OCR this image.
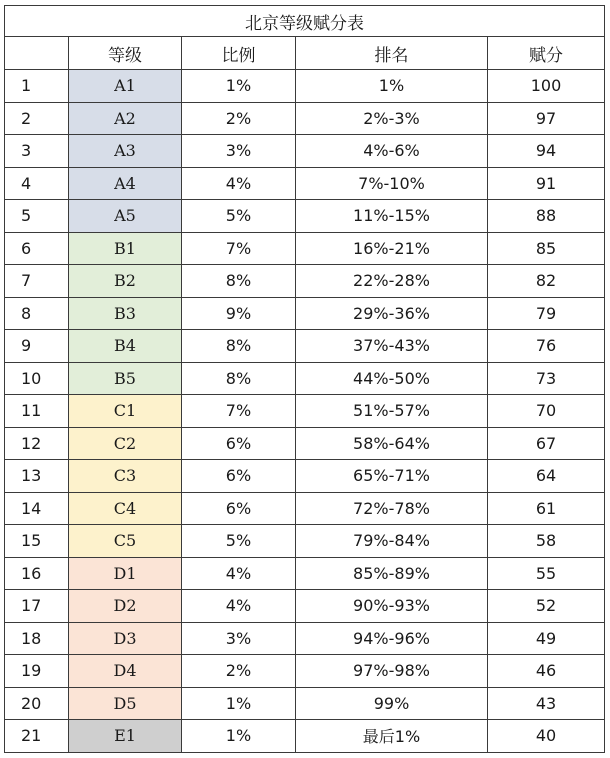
北京等级赋分表				
	等级	比例	排名	赋分
1	A1	1%	1%	100
2	A2	2%	2%-3%	97
3	A3	3%	4%-6%	94
4	A4	4%	7%-10%	91
5	A5	5%	11%-15%	88
6	B1	7%	16%-21%	85
7	B2	8%	22%-28%	82
8	B3	9%	29%-36%	79
9	B4	8%	37%-43%	76
10	B5	8%	44%-50%	73
11	C1	7%	51%-57%	70
12	C2	6%	58%-64%	67
13	C3	6%	65%-71%	64
14	C4	6%	72%-78%	61
15	C5	5%	79%-84%	58
16	D1	4%	85%-89%	55
17	D2	4%	90%-93%	52
18	D3	3%	94%-96%	49
19	D4	2%	97%-98%	46
20	D5	1%	99%	43
21	E1	1%	最后1%	40
